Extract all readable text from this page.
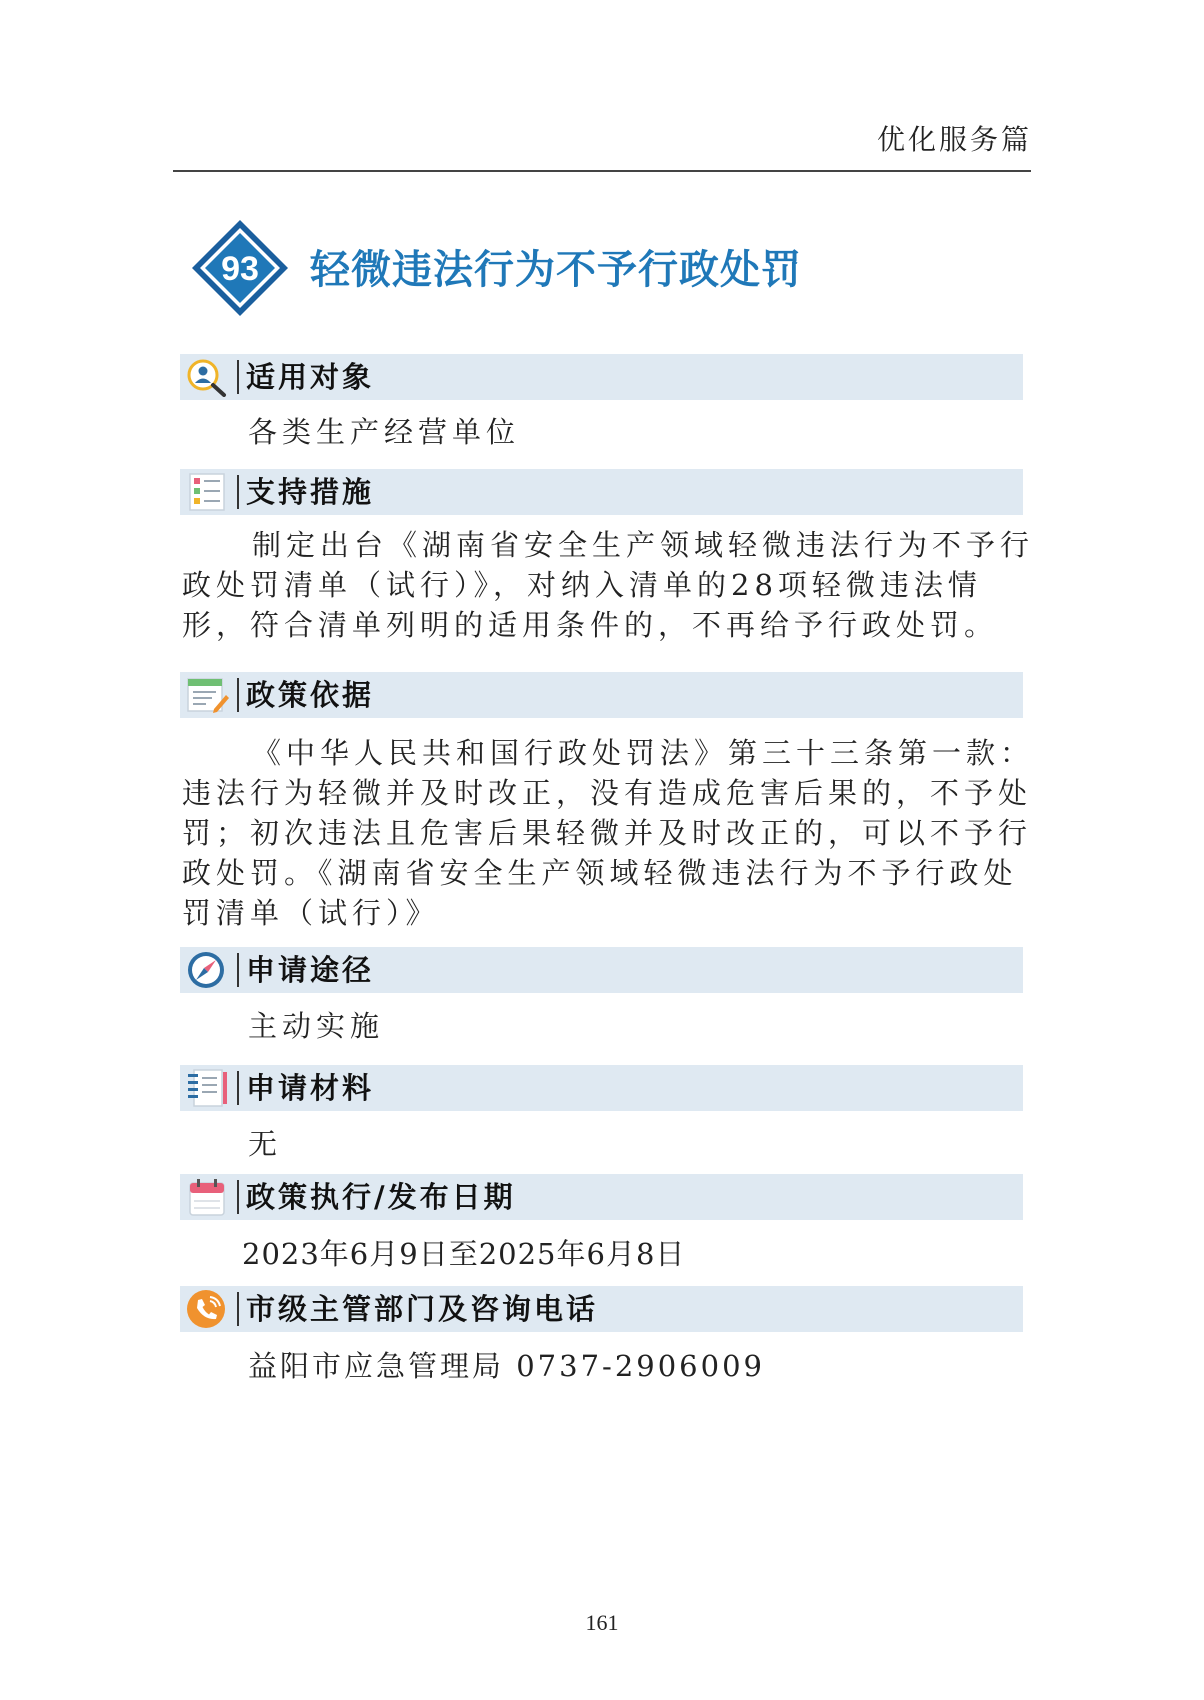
优化服务篇
93 轻微违法行为不予行政处罚
适用对象
各类生产经营单位
支持措施
制定出台《湖南省安全生产领域轻微违法行为不予行
政处罚清单（试行）》，对纳入清单的28项轻微违法情
形，符合清单列明的适用条件的，不再给予行政处罚。
政策依据
《中华人民共和国行政处罚法》第三十三条第一款：
违法行为轻微并及时改正，没有造成危害后果的，不予处
罚；初次违法且危害后果轻微并及时改正的，可以不予行
政处罚。《湖南省安全生产领域轻微违法行为不予行政处
罚清单（试行）》
申请途径
主动实施
申请材料
无
政策执行/发布日期
2023年6月9日至2025年6月8日
市级主管部门及咨询电话
益阳市应急管理局 0737-2906009
161
